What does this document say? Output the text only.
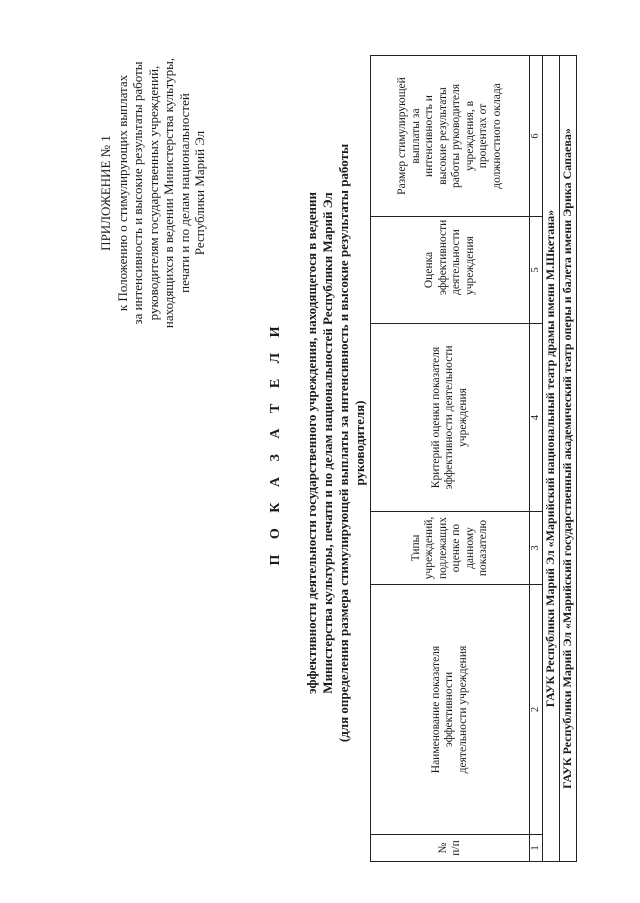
ПРИЛОЖЕНИЕ № 1 к Положению о стимулирующих выплатах за интенсивность и высокие результаты работы руководителям государственных учреждений, находящихся в ведении Министерства культуры, печати и по делам национальностей Республики Марий Эл
П О К А З А Т Е Л И эффективности деятельности государственного учреждения, находящегося в ведении Министерства культуры, печати и по делам национальностей Республики Марий Эл (для определения размера стимулирующей выплаты за интенсивность и высокие результаты работы руководителя)
№ п/п	Наименование показателя эффективности деятельности учреждения	Типы учреждений, подлежащих оценке по данному показателю	Критерий оценки показателя эффективности деятельности учреждения	Оценка эффективности деятельности учреждения	Размер стимулирующей выплаты за интенсивность и высокие результаты работы руководителя учреждения, в процентах от должностного оклада
1	2	3	4	5	6
ГАУК Республики Марий Эл «Марийский национальный театр драмы имени М.Шкетана»					
ГАУК Республики Марий Эл «Марийский государственный академический театр оперы и балета имени Эрика Сапаева»					
